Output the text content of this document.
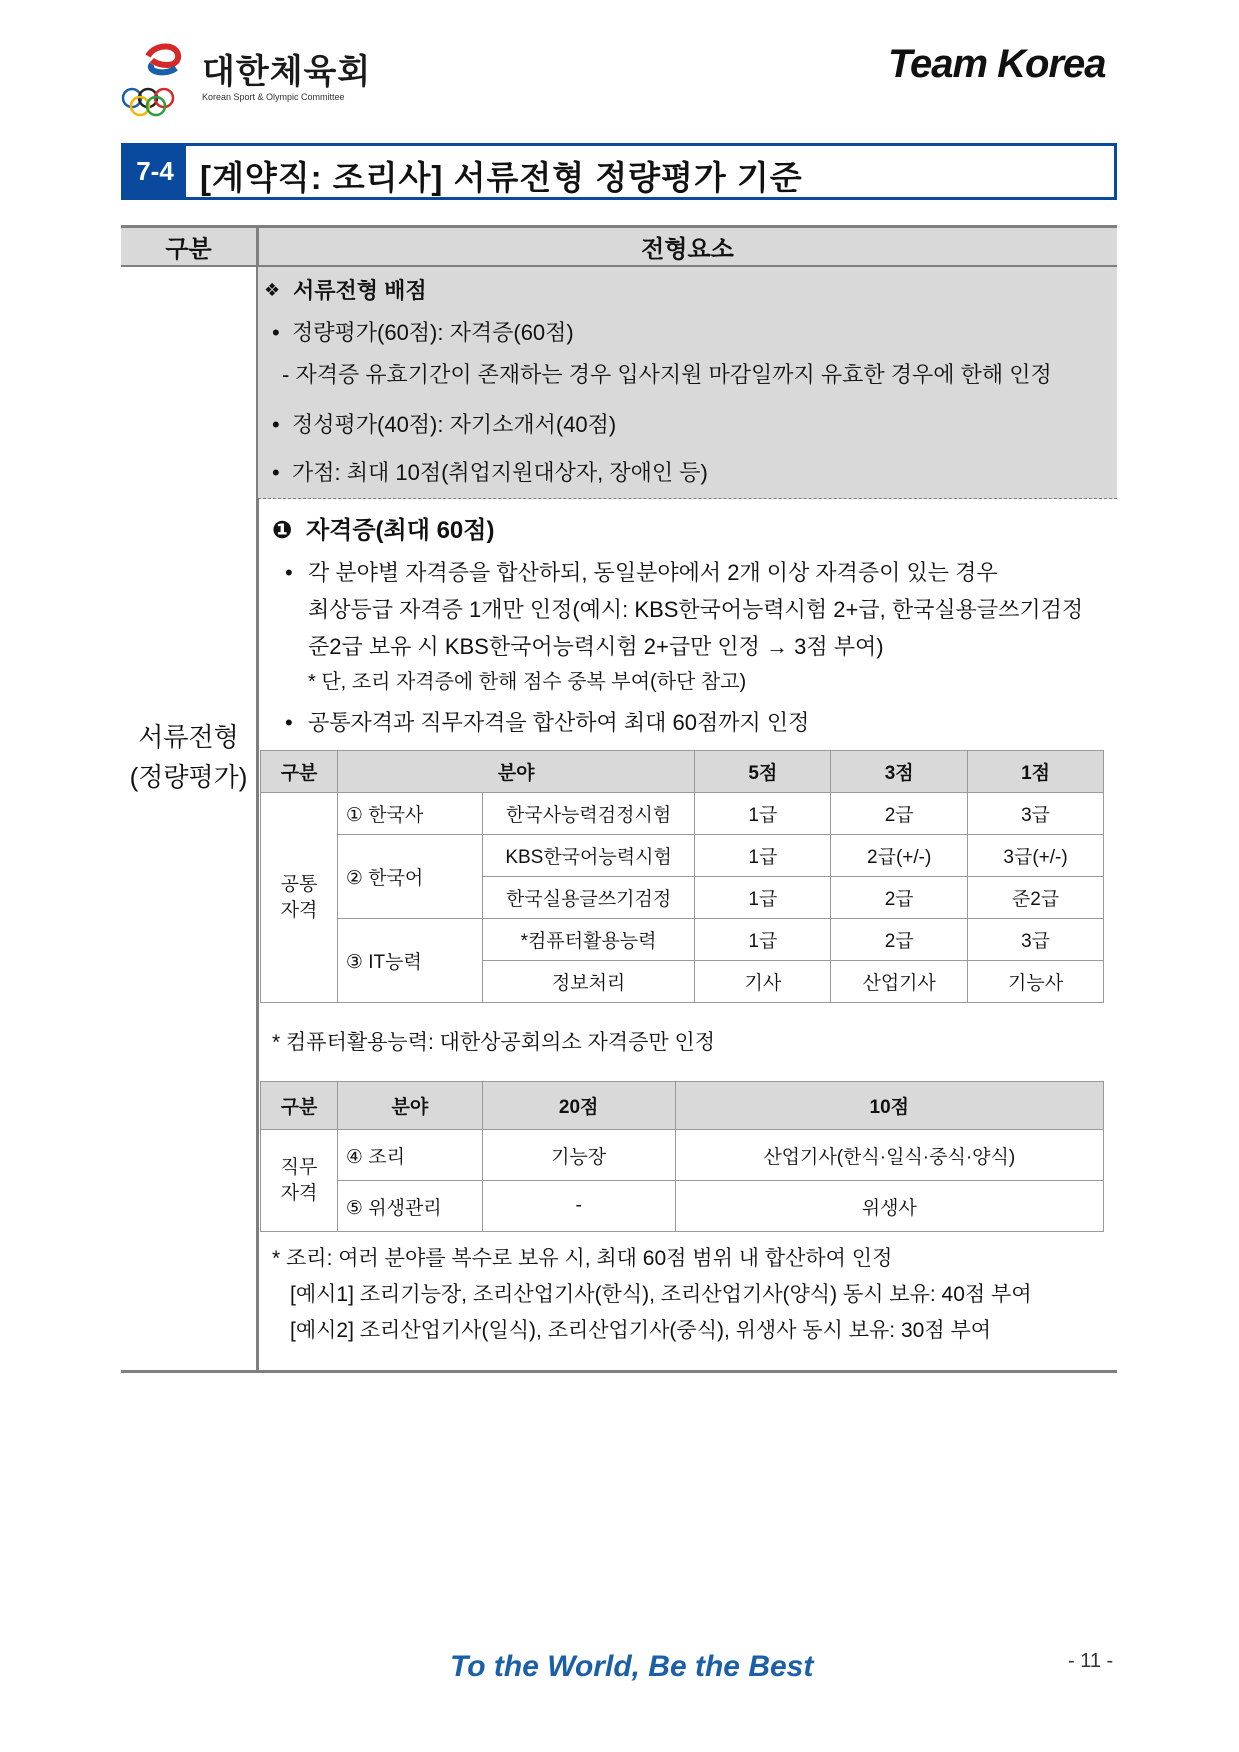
대한체육회
Korean Sport & Olympic Committee
Team Korea
7-4 [계약직: 조리사] 서류전형 정량평가 기준
구분	전형요소
서류전형
(정량평가)
❖ 서류전형 배점
• 정량평가(60점): 자격증(60점)
- 자격증 유효기간이 존재하는 경우 입사지원 마감일까지 유효한 경우에 한해 인정
• 정성평가(40점): 자기소개서(40점)
• 가점: 최대 10점(취업지원대상자, 장애인 등)
❶ 자격증(최대 60점)
• 각 분야별 자격증을 합산하되, 동일분야에서 2개 이상 자격증이 있는 경우
최상등급 자격증 1개만 인정(예시: KBS한국어능력시험 2+급, 한국실용글쓰기검정
준2급 보유 시 KBS한국어능력시험 2+급만 인정 → 3점 부여)
* 단, 조리 자격증에 한해 점수 중복 부여(하단 참고)
• 공통자격과 직무자격을 합산하여 최대 60점까지 인정
구분	분야		5점	3점	1점
공통
자격	① 한국사	한국사능력검정시험	1급	2급	3급
	② 한국어	KBS한국어능력시험	1급	2급(+/-)	3급(+/-)
		한국실용글쓰기검정	1급	2급	준2급
	③ IT능력	*컴퓨터활용능력	1급	2급	3급
		정보처리	기사	산업기사	기능사
* 컴퓨터활용능력: 대한상공회의소 자격증만 인정
구분	분야	20점	10점
직무
자격	④ 조리	기능장	산업기사(한식·일식·중식·양식)
	⑤ 위생관리	-	위생사
* 조리: 여러 분야를 복수로 보유 시, 최대 60점 범위 내 합산하여 인정
[예시1] 조리기능장, 조리산업기사(한식), 조리산업기사(양식) 동시 보유: 40점 부여
[예시2] 조리산업기사(일식), 조리산업기사(중식), 위생사 동시 보유: 30점 부여
To the World, Be the Best	- 11 -
